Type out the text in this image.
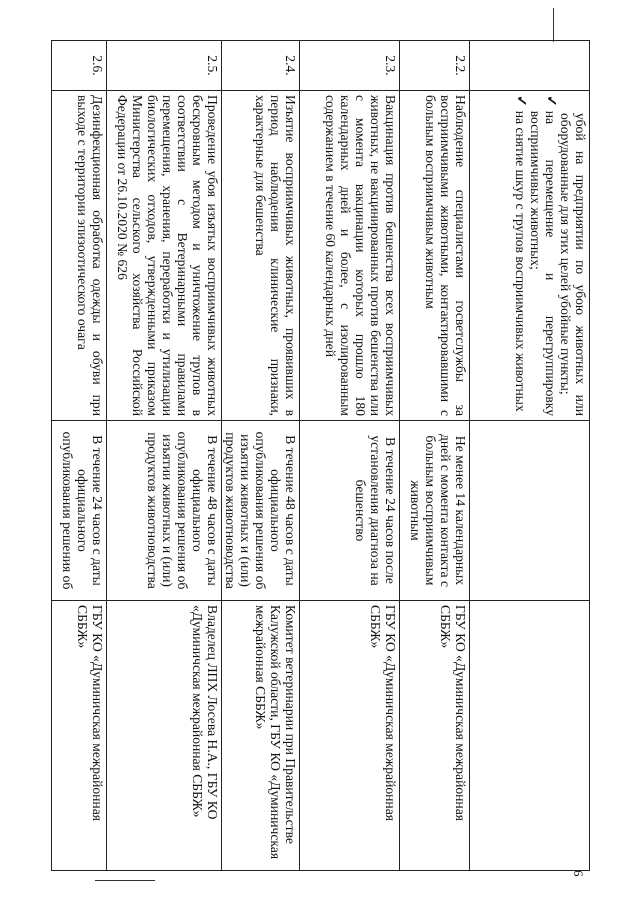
6

	убой на предприятии по убою животных или оборудованные для этих целей убойные пункты;
✓
на перемещение и перегруппировку восприимчивых животных;
✓
на снятие шкур с трупов восприимчивых животных		

2.2.	Наблюдение специалистами госветслужбы за восприимчивыми животными, контактировавшими с больным восприимчивым животным	Не менее 14 календарных дней с момента контакта с больным восприимчивым животным	ГБУ КО «Думиничская межрайонная СББЖ»
2.3.	Вакцинация против бешенства всех восприимчивых животных, не вакцинированных против бешенства или с момента вакцинации которых прошло 180 календарных дней и более, с изолированным содержанием в течение 60 календарных дней	В течение 24 часов после установления диагноза на бешенство	ГБУ КО «Думиничская межрайонная СББЖ»
2.4.	Изъятие восприимчивых животных, проявивших в период наблюдения клинические признаки, характерные для бешенства	В течение 48 часов с даты официального опубликования решения об изъятии животных и (или) продуктов животноводства	Комитет ветеринарии при Правительстве Калужской области, ГБУ КО «Думиничская межрайонная СББЖ»
2.5.	Проведение убоя изъятых восприимчивых животных бескровным методом и уничтожение трупов в соответствии с Ветеринарными правилами перемещения, хранения, переработки и утилизации биологических отходов, утвержденными приказом Министерства сельского хозяйства Российской Федерации от 26.10.2020 № 626	В течение 48 часов с даты официального опубликования решения об изъятии животных и (или) продуктов животноводства	Владелец ЛПХ Лосева Н.А., ГБУ КО «Думиничская межрайонная СББЖ»
2.6.	Дезинфекционная обработка одежды и обуви при выходе с территории эпизоотического очага	В течение 24 часов с даты официального опубликования решения об	ГБУ КО «Думиничская межрайонная СББЖ»
